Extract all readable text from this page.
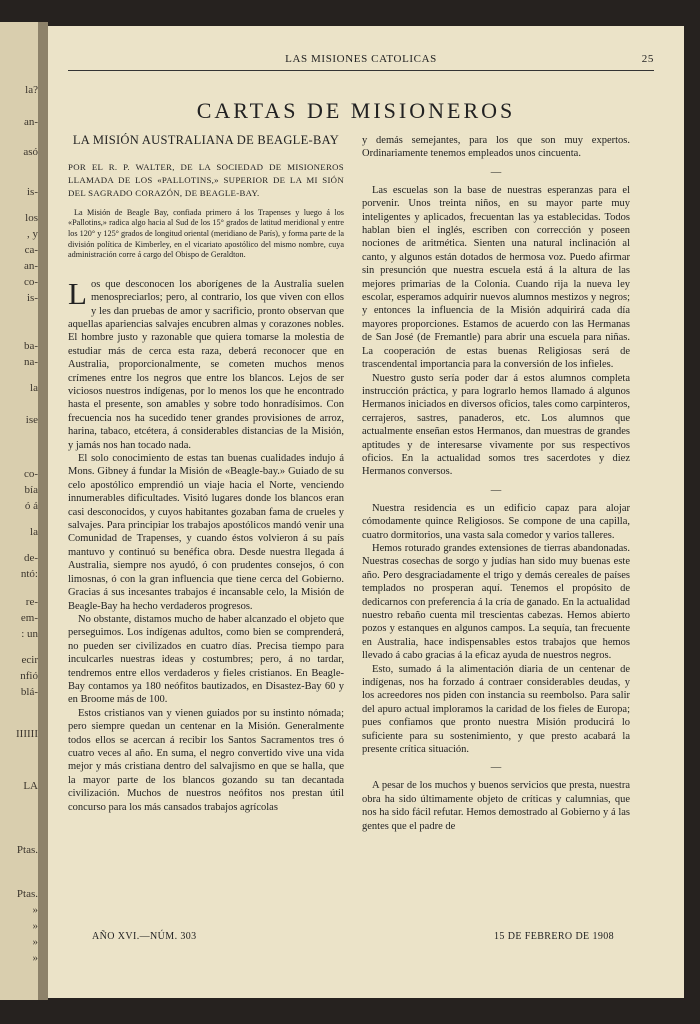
la?
an-
asó
is-
los
, y
ca-
an-
co-
is-
ba-
na-
la
ise
co-
bía
ó á
la
de-
ntó:
re-
em-
: un
ecir
nfió
blá-
IIIIII
LA
Ptas.
Ptas.
»
»
»
»
LAS MISIONES CATOLICAS	25
CARTAS DE MISIONEROS
LA MISIÓN AUSTRALIANA DE BEAGLE-BAY
POR EL R. P. WALTER, DE LA SOCIEDAD DE MISIONEROS LLAMADA DE LOS «PALLOTINS,» SUPERIOR DE LA MI SIÓN DEL SAGRADO CORAZÓN, DE BEAGLE-BAY.
La Misión de Beagle Bay, confiada primero á los Trapenses y luego á los «Pallotins,» radica algo hacia al Sud de los 15° grados de latitud meridional y entre los 120° y 125° grados de longitud oriental (meridiano de París), y forma parte de la división política de Kimberley, en el vicariato apostólico del mismo nombre, cuya administración corre á cargo del Obispo de Geraldton.

Los que desconocen los aborígenes de la Australia suelen menospreciarlos; pero, al contrario, los que viven con ellos y les dan pruebas de amor y sacrificio, pronto observan que aquellas apariencias salvajes encubren almas y corazones nobles. El hombre justo y razonable que quiera tomarse la molestia de estudiar más de cerca esta raza, deberá reconocer que en Australia, proporcionalmente, se cometen muchos menos crímenes entre los negros que entre los blancos. Lejos de ser viciosos nuestros indígenas, por lo menos los que he encontrado hasta el presente, son amables y sobre todo honradísimos. Con frecuencia nos ha sucedido tener grandes provisiones de arroz, harina, tabaco, etcétera, á considerables distancias de la Misión, y jamás nos han tocado nada.

El solo conocimiento de estas tan buenas cualidades indujo á Mons. Gibney á fundar la Misión de «Beagle-bay.» Guiado de su celo apostólico emprendió un viaje hacia el Norte, venciendo innumerables dificultades. Visitó lugares donde los blancos eran casi desconocidos, y cuyos habitantes gozaban fama de crueles y salvajes. Para principiar los trabajos apostólicos mandó venir una Comunidad de Trapenses, y cuando éstos volvieron á su país mantuvo y continuó su benéfica obra. Desde nuestra llegada á Australia, siempre nos ayudó, ó con prudentes consejos, ó con limosnas, ó con la gran influencia que tiene cerca del Gobierno. Gracias á sus incesantes trabajos é incansable celo, la Misión de Beagle-Bay ha hecho verdaderos progresos.

No obstante, distamos mucho de haber alcanzado el objeto que perseguimos. Los indígenas adultos, como bien se comprenderá, no pueden ser civilizados en cuatro días. Precisa tiempo para inculcarles nuestras ideas y costumbres; pero, á no tardar, tendremos entre ellos verdaderos y fieles cristianos. En Beagle-Bay contamos ya 180 neófitos bautizados, en Disastez-Bay 60 y en Broome más de 100.

Estos cristianos van y vienen guiados por su instinto nómada; pero siempre quedan un centenar en la Misión. Generalmente todos ellos se acercan á recibir los Santos Sacramentos tres ó cuatro veces al año. En suma, el negro convertido vive una vida mejor y más cristiana dentro del salvajismo en que se halla, que la mayor parte de los blancos gozando su tan decantada civilización. Muchos de nuestros neófitos nos prestan útil concurso para los más cansados trabajos agrícolas

y demás semejantes, para los que son muy expertos. Ordinariamente tenemos empleados unos cincuenta.

—

Las escuelas son la base de nuestras esperanzas para el porvenir. Unos treinta niños, en su mayor parte muy inteligentes y aplicados, frecuentan las ya establecidas. Todos hablan bien el inglés, escriben con corrección y poseen nociones de aritmética. Sienten una natural inclinación al canto, y algunos están dotados de hermosa voz. Puedo afirmar sin presunción que nuestra escuela está á la altura de las mejores primarias de la Colonia. Cuando rija la nueva ley escolar, esperamos adquirir nuevos alumnos mestizos y negros; y entonces la influencia de la Misión adquirirá cada día mayores proporciones. Estamos de acuerdo con las Hermanas de San José (de Fremantle) para abrir una escuela para niñas. La cooperación de estas buenas Religiosas será de trascendental importancia para la conversión de los infieles.

Nuestro gusto sería poder dar á estos alumnos completa instrucción práctica, y para lograrlo hemos llamado á algunos Hermanos iniciados en diversos oficios, tales como carpinteros, cerrajeros, sastres, panaderos, etc. Los alumnos que actualmente enseñan estos Hermanos, dan muestras de grandes aptitudes y de interesarse vivamente por sus respectivos oficios. En la actualidad somos tres sacerdotes y diez Hermanos conversos.

—

Nuestra residencia es un edificio capaz para alojar cómodamente quince Religiosos. Se compone de una capilla, cuatro dormitorios, una vasta sala comedor y varios talleres.

Hemos roturado grandes extensiones de tierras abandonadas. Nuestras cosechas de sorgo y judías han sido muy buenas este año. Pero desgraciadamente el trigo y demás cereales de países templados no prosperan aquí. Tenemos el propósito de dedicarnos con preferencia á la cría de ganado. En la actualidad nuestro rebaño cuenta mil trescientas cabezas. Hemos abierto pozos y estanques en algunos campos. La sequía, tan frecuente en Australia, hace indispensables estos trabajos que hemos llevado á cabo gracias á la eficaz ayuda de nuestros negros.

Esto, sumado á la alimentación diaria de un centenar de indígenas, nos ha forzado á contraer considerables deudas, y los acreedores nos piden con instancia su reembolso. Para salir del apuro actual imploramos la caridad de los fieles de Europa; pues confiamos que pronto nuestra Misión producirá lo suficiente para su sostenimiento, y que presto acabará la presente crítica situación.

—

A pesar de los muchos y buenos servicios que presta, nuestra obra ha sido últimamente objeto de críticas y calumnias, que nos ha sido fácil refutar. Hemos demostrado al Gobierno y á las gentes que el padre de

AÑO XVI.—NÚM. 303	15 DE FEBRERO DE 1908
